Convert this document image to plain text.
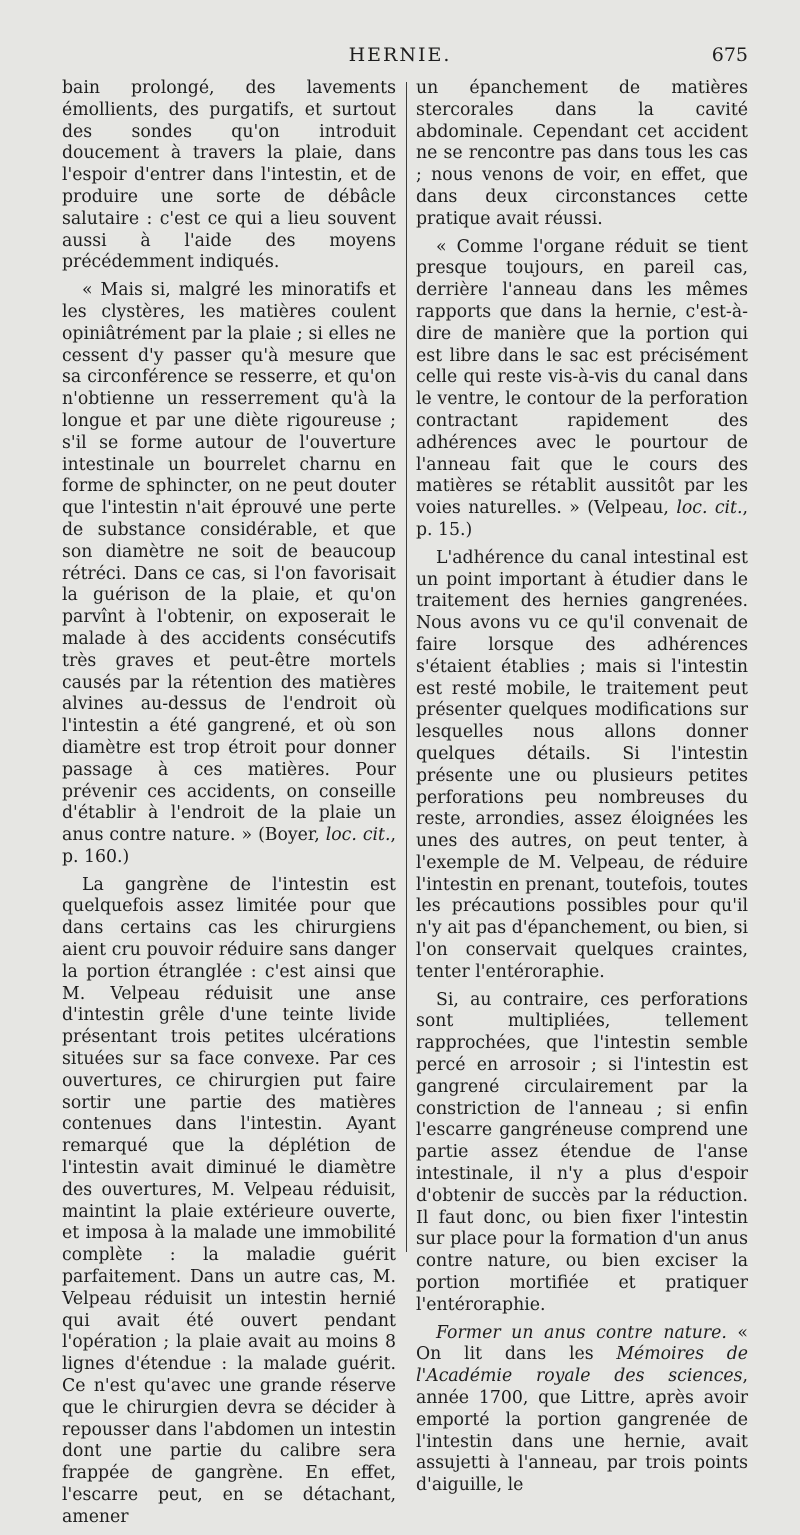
HERNIE.	675

bain prolongé, des lavements émollients, des purgatifs, et surtout des sondes qu'on introduit doucement à travers la plaie, dans l'espoir d'entrer dans l'intestin, et de produire une sorte de débâcle salutaire : c'est ce qui a lieu souvent aussi à l'aide des moyens précédemment indiqués.

« Mais si, malgré les minoratifs et les clystères, les matières coulent opiniâtrément par la plaie ; si elles ne cessent d'y passer qu'à mesure que sa circonférence se resserre, et qu'on n'obtienne un resserrement qu'à la longue et par une diète rigoureuse ; s'il se forme autour de l'ouverture intestinale un bourrelet charnu en forme de sphincter, on ne peut douter que l'intestin n'ait éprouvé une perte de substance considérable, et que son diamètre ne soit de beaucoup rétréci. Dans ce cas, si l'on favorisait la guérison de la plaie, et qu'on parvînt à l'obtenir, on exposerait le malade à des accidents consécutifs très graves et peut-être mortels causés par la rétention des matières alvines au-dessus de l'endroit où l'intestin a été gangrené, et où son diamètre est trop étroit pour donner passage à ces matières. Pour prévenir ces accidents, on conseille d'établir à l'endroit de la plaie un anus contre nature. » (Boyer, loc. cit., p. 160.)

La gangrène de l'intestin est quelquefois assez limitée pour que dans certains cas les chirurgiens aient cru pouvoir réduire sans danger la portion étranglée : c'est ainsi que M. Velpeau réduisit une anse d'intestin grêle d'une teinte livide présentant trois petites ulcérations situées sur sa face convexe. Par ces ouvertures, ce chirurgien put faire sortir une partie des matières contenues dans l'intestin. Ayant remarqué que la déplétion de l'intestin avait diminué le diamètre des ouvertures, M. Velpeau réduisit, maintint la plaie extérieure ouverte, et imposa à la malade une immobilité complète : la maladie guérit parfaitement. Dans un autre cas, M. Velpeau réduisit un intestin hernié qui avait été ouvert pendant l'opération ; la plaie avait au moins 8 lignes d'étendue : la malade guérit. Ce n'est qu'avec une grande réserve que le chirurgien devra se décider à repousser dans l'abdomen un intestin dont une partie du calibre sera frappée de gangrène. En effet, l'escarre peut, en se détachant, amener

un épanchement de matières stercorales dans la cavité abdominale. Cependant cet accident ne se rencontre pas dans tous les cas ; nous venons de voir, en effet, que dans deux circonstances cette pratique avait réussi.

« Comme l'organe réduit se tient presque toujours, en pareil cas, derrière l'anneau dans les mêmes rapports que dans la hernie, c'est-à-dire de manière que la portion qui est libre dans le sac est précisément celle qui reste vis-à-vis du canal dans le ventre, le contour de la perforation contractant rapidement des adhérences avec le pourtour de l'anneau fait que le cours des matières se rétablit aussitôt par les voies naturelles. » (Velpeau, loc. cit., p. 15.)

L'adhérence du canal intestinal est un point important à étudier dans le traitement des hernies gangrenées. Nous avons vu ce qu'il convenait de faire lorsque des adhérences s'étaient établies ; mais si l'intestin est resté mobile, le traitement peut présenter quelques modifications sur lesquelles nous allons donner quelques détails. Si l'intestin présente une ou plusieurs petites perforations peu nombreuses du reste, arrondies, assez éloignées les unes des autres, on peut tenter, à l'exemple de M. Velpeau, de réduire l'intestin en prenant, toutefois, toutes les précautions possibles pour qu'il n'y ait pas d'épanchement, ou bien, si l'on conservait quelques craintes, tenter l'entéroraphie.

Si, au contraire, ces perforations sont multipliées, tellement rapprochées, que l'intestin semble percé en arrosoir ; si l'intestin est gangrené circulairement par la constriction de l'anneau ; si enfin l'escarre gangréneuse comprend une partie assez étendue de l'anse intestinale, il n'y a plus d'espoir d'obtenir de succès par la réduction. Il faut donc, ou bien fixer l'intestin sur place pour la formation d'un anus contre nature, ou bien exciser la portion mortifiée et pratiquer l'entéroraphie.

Former un anus contre nature. « On lit dans les Mémoires de l'Académie royale des sciences, année 1700, que Littre, après avoir emporté la portion gangrenée de l'intestin dans une hernie, avait assujetti à l'anneau, par trois points d'aiguille, le
